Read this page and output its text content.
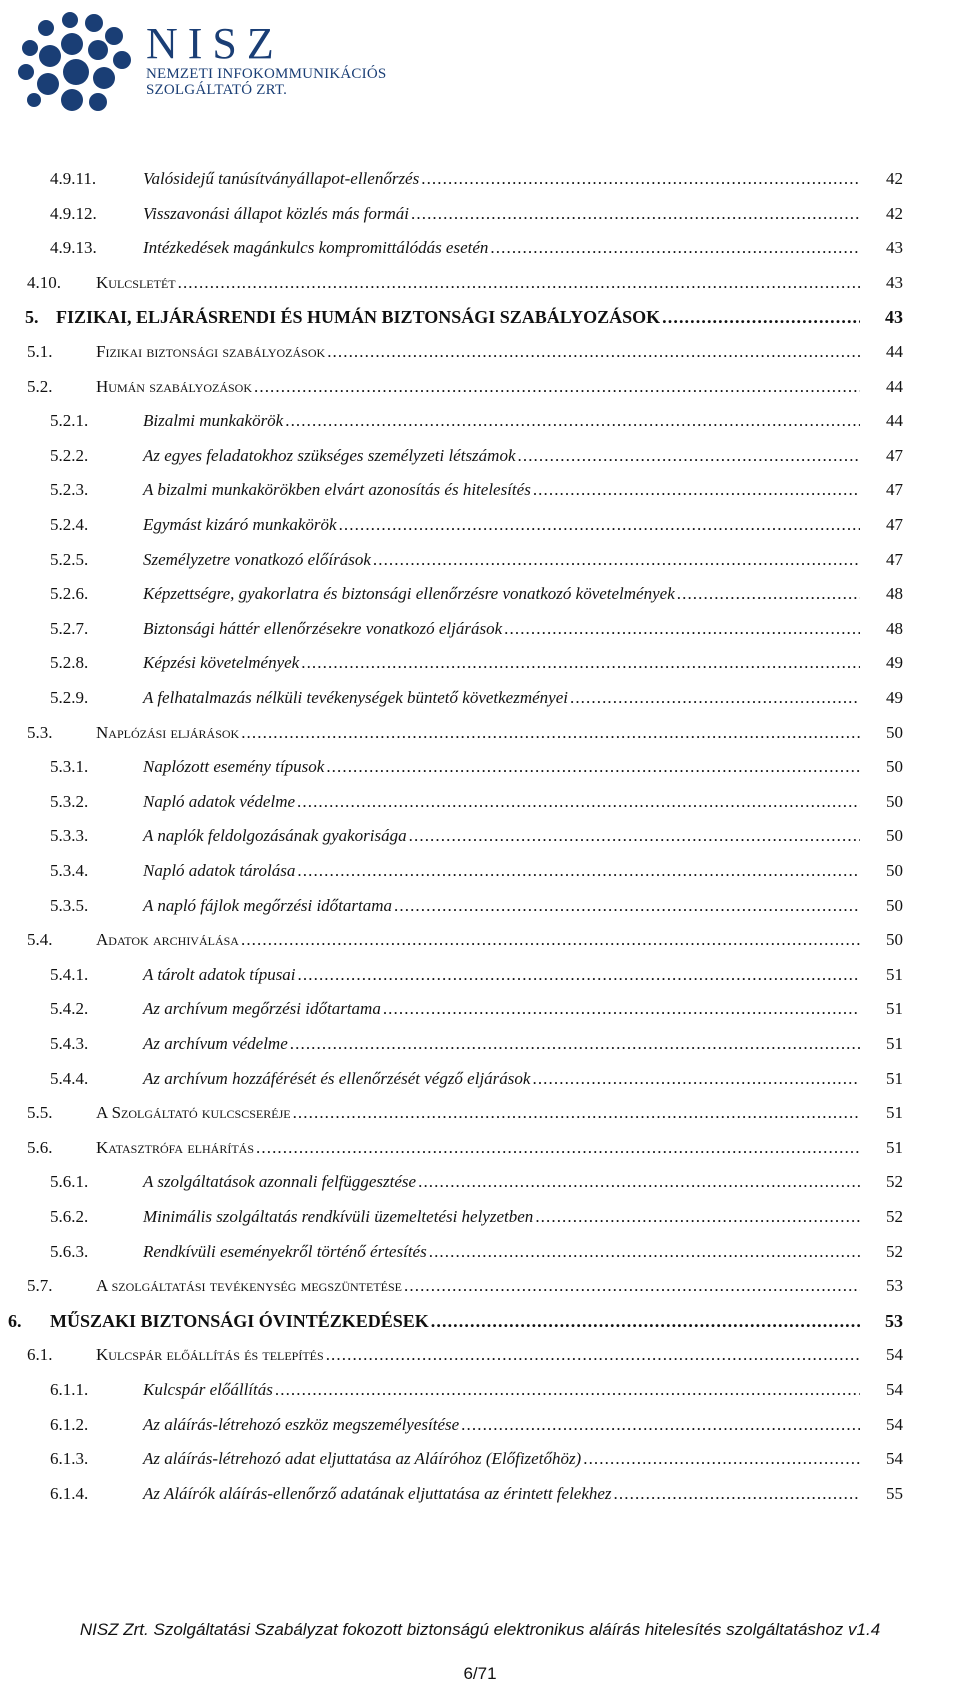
NISZ
NEMZETI INFOKOMMUNIKÁCIÓS
SZOLGÁLTATÓ ZRT.
4.9.11.	Valósidejű tanúsítványállapot-ellenőrzés .....	42
4.9.12.	Visszavonási állapot közlés más formái .....	42
4.9.13.	Intézkedések magánkulcs kompromittálódás esetén .....	43
4.10. Kulcsletét .....	43
5. FIZIKAI, ELJÁRÁSRENDI ÉS HUMÁN BIZTONSÁGI SZABÁLYOZÁSOK .....	43
5.1.	Fizikai biztonsági szabályozások .....	44
5.2.	Humán szabályozások .....	44
5.2.1.	Bizalmi munkakörök .....	44
5.2.2.	Az egyes feladatokhoz szükséges személyzeti létszámok .....	47
5.2.3.	A bizalmi munkakörökben elvárt azonosítás és hitelesítés .....	47
5.2.4.	Egymást kizáró munkakörök .....	47
5.2.5.	Személyzetre vonatkozó előírások .....	47
5.2.6.	Képzettségre, gyakorlatra és biztonsági ellenőrzésre vonatkozó követelmények .....	48
5.2.7.	Biztonsági háttér ellenőrzésekre vonatkozó eljárások .....	48
5.2.8.	Képzési követelmények .....	49
5.2.9.	A felhatalmazás nélküli tevékenységek büntető következményei .....	49
5.3.	Naplózási eljárások .....	50
5.3.1.	Naplózott esemény típusok .....	50
5.3.2.	Napló adatok védelme .....	50
5.3.3.	A naplók feldolgozásának gyakorisága .....	50
5.3.4.	Napló adatok tárolása .....	50
5.3.5.	A napló fájlok megőrzési időtartama .....	50
5.4.	Adatok archiválása .....	50
5.4.1.	A tárolt adatok típusai .....	51
5.4.2.	Az archívum megőrzési időtartama .....	51
5.4.3.	Az archívum védelme .....	51
5.4.4.	Az archívum hozzáférését és ellenőrzését végző eljárások .....	51
5.5.	A Szolgáltató kulcscseréje .....	51
5.6.	Katasztrófa elhárítás .....	51
5.6.1.	A szolgáltatások azonnali felfüggesztése .....	52
5.6.2.	Minimális szolgáltatás rendkívüli üzemeltetési helyzetben .....	52
5.6.3.	Rendkívüli eseményekről történő értesítés .....	52
5.7.	A szolgáltatási tevékenység megszüntetése .....	53
6. MŰSZAKI BIZTONSÁGI ÓVINTÉZKEDÉSEK .....	53
6.1.	Kulcspár előállítás és telepítés .....	54
6.1.1.	Kulcspár előállítás .....	54
6.1.2.	Az aláírás-létrehozó eszköz megszemélyesítése .....	54
6.1.3.	Az aláírás-létrehozó adat eljuttatása az Aláíróhoz (Előfizetőhöz) .....	54
6.1.4.	Az Aláírók aláírás-ellenőrző adatának eljuttatása az érintett felekhez .....	55
NISZ Zrt. Szolgáltatási Szabályzat fokozott biztonságú elektronikus aláírás hitelesítés szolgáltatáshoz v1.4
6/71
